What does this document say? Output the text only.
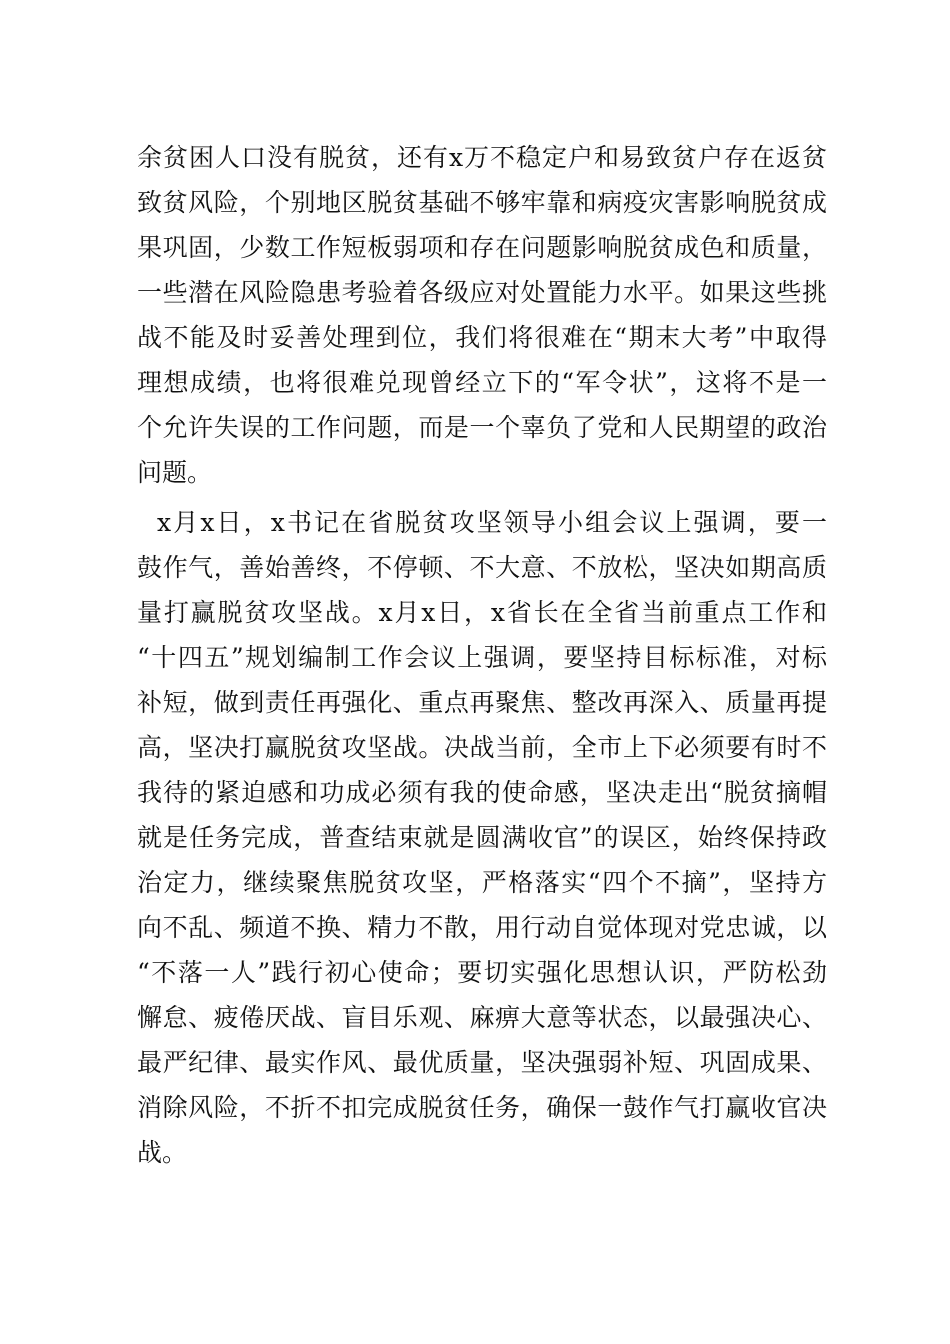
余贫困人口没有脱贫，还有x万不稳定户和易致贫户存在返贫
致贫风险，个别地区脱贫基础不够牢靠和病疫灾害影响脱贫成
果巩固，少数工作短板弱项和存在问题影响脱贫成色和质量，
一些潜在风险隐患考验着各级应对处置能力水平。如果这些挑
战不能及时妥善处理到位，我们将很难在“期末大考”中取得
理想成绩，也将很难兑现曾经立下的“军令状”，这将不是一
个允许失误的工作问题，而是一个辜负了党和人民期望的政治
问题。
x月x日，x书记在省脱贫攻坚领导小组会议上强调，要一
鼓作气，善始善终，不停顿、不大意、不放松，坚决如期高质
量打赢脱贫攻坚战。x月x日，x省长在全省当前重点工作和
“十四五”规划编制工作会议上强调，要坚持目标标准，对标
补短，做到责任再强化、重点再聚焦、整改再深入、质量再提
高，坚决打赢脱贫攻坚战。决战当前，全市上下必须要有时不
我待的紧迫感和功成必须有我的使命感，坚决走出“脱贫摘帽
就是任务完成，普查结束就是圆满收官”的误区，始终保持政
治定力，继续聚焦脱贫攻坚，严格落实“四个不摘”，坚持方
向不乱、频道不换、精力不散，用行动自觉体现对党忠诚，以
“不落一人”践行初心使命；要切实强化思想认识，严防松劲
懈怠、疲倦厌战、盲目乐观、麻痹大意等状态，以最强决心、
最严纪律、最实作风、最优质量，坚决强弱补短、巩固成果、
消除风险，不折不扣完成脱贫任务，确保一鼓作气打赢收官决
战。
